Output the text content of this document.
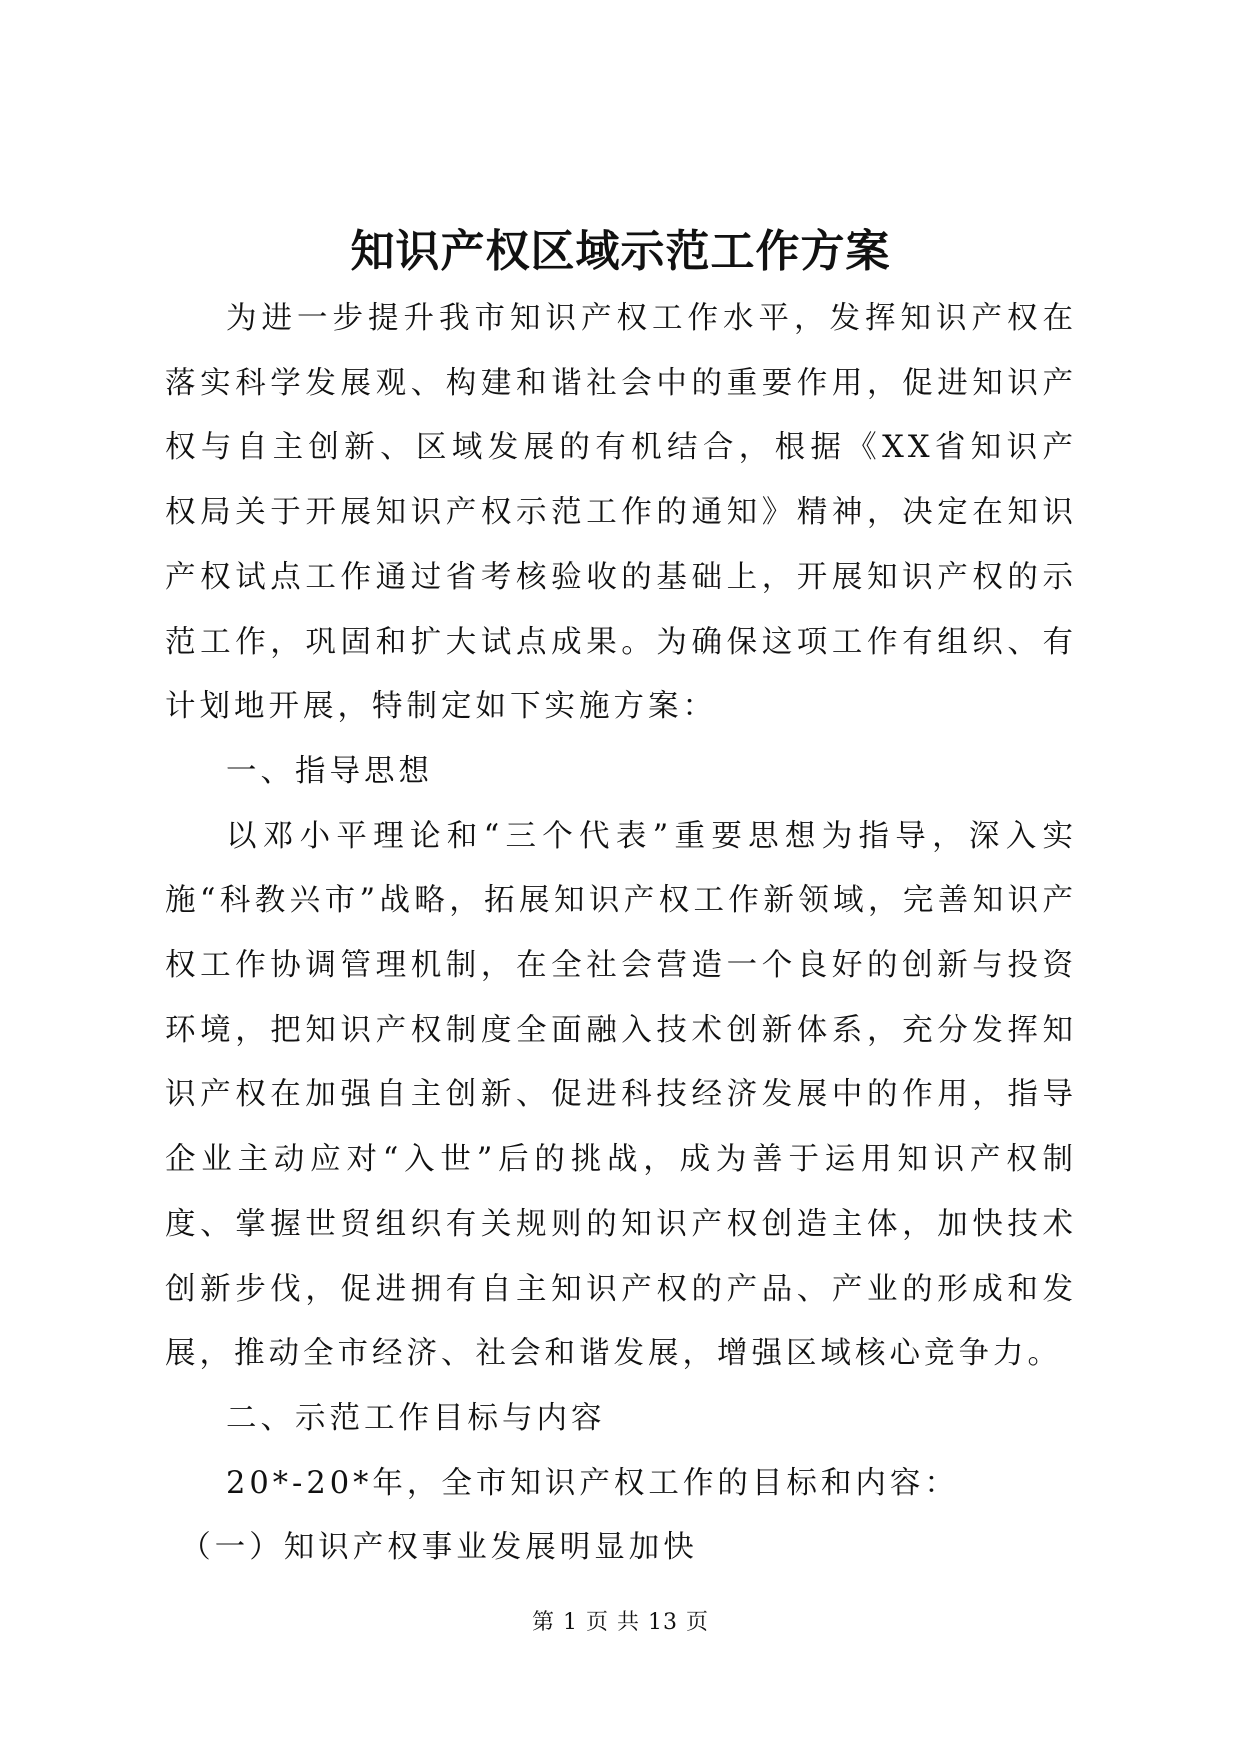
知识产权区域示范工作方案

为进一步提升我市知识产权工作水平，发挥知识产权在落实科学发展观、构建和谐社会中的重要作用，促进知识产权与自主创新、区域发展的有机结合，根据《XX省知识产权局关于开展知识产权示范工作的通知》精神，决定在知识产权试点工作通过省考核验收的基础上，开展知识产权的示范工作，巩固和扩大试点成果。为确保这项工作有组织、有计划地开展，特制定如下实施方案：

一、指导思想

以邓小平理论和“三个代表”重要思想为指导，深入实施“科教兴市”战略，拓展知识产权工作新领域，完善知识产权工作协调管理机制，在全社会营造一个良好的创新与投资环境，把知识产权制度全面融入技术创新体系，充分发挥知识产权在加强自主创新、促进科技经济发展中的作用，指导企业主动应对“入世”后的挑战，成为善于运用知识产权制度、掌握世贸组织有关规则的知识产权创造主体，加快技术创新步伐，促进拥有自主知识产权的产品、产业的形成和发展，推动全市经济、社会和谐发展，增强区域核心竞争力。

二、示范工作目标与内容

20*-20*年，全市知识产权工作的目标和内容：

（一）知识产权事业发展明显加快

第 1 页 共 13 页
